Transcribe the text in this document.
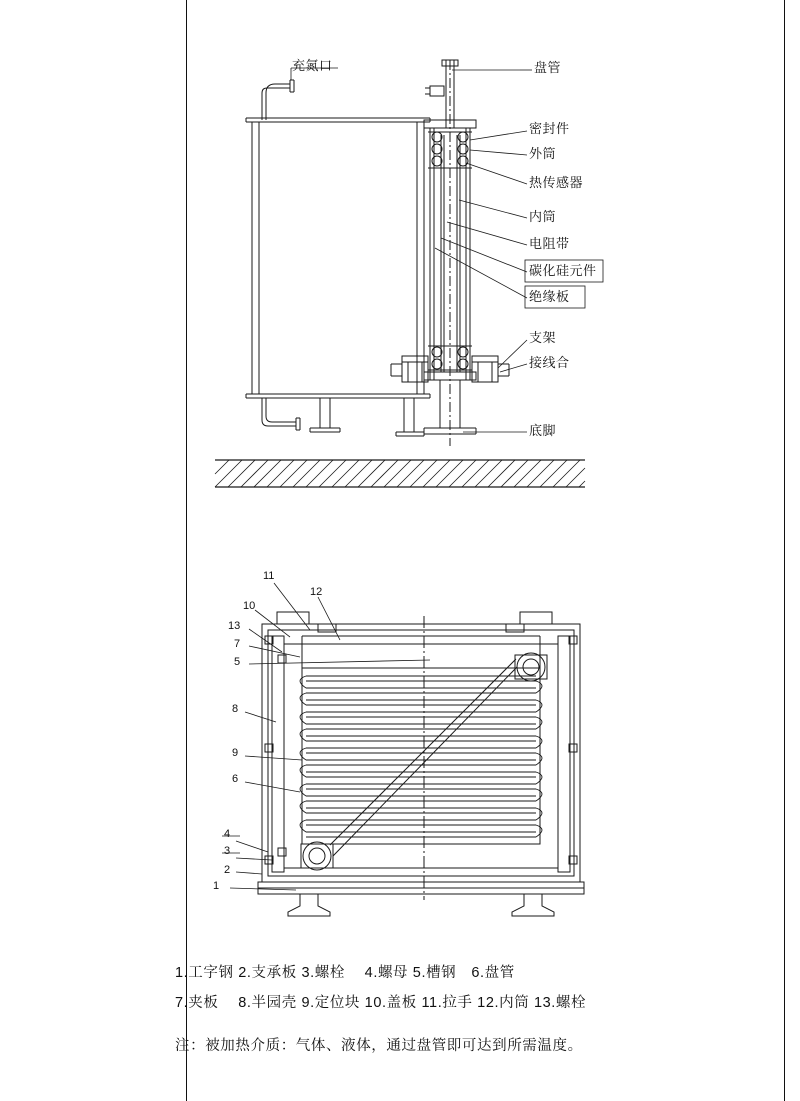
充氮口	盘管
密封件
外筒
热传感器
内筒
电阻带
碳化硅元件
绝缘板
支架
接线合
底脚
11
12
10
13
7
5
8
9
6
4
3
2
1
1.工字钢 2.支承板 3.螺栓　 4.螺母 5.槽钢　6.盘管
7.夹板　 8.半园壳 9.定位块 10.盖板 11.拉手 12.内筒 13.螺栓
注：被加热介质：气体、液体，通过盘管即可达到所需温度。
